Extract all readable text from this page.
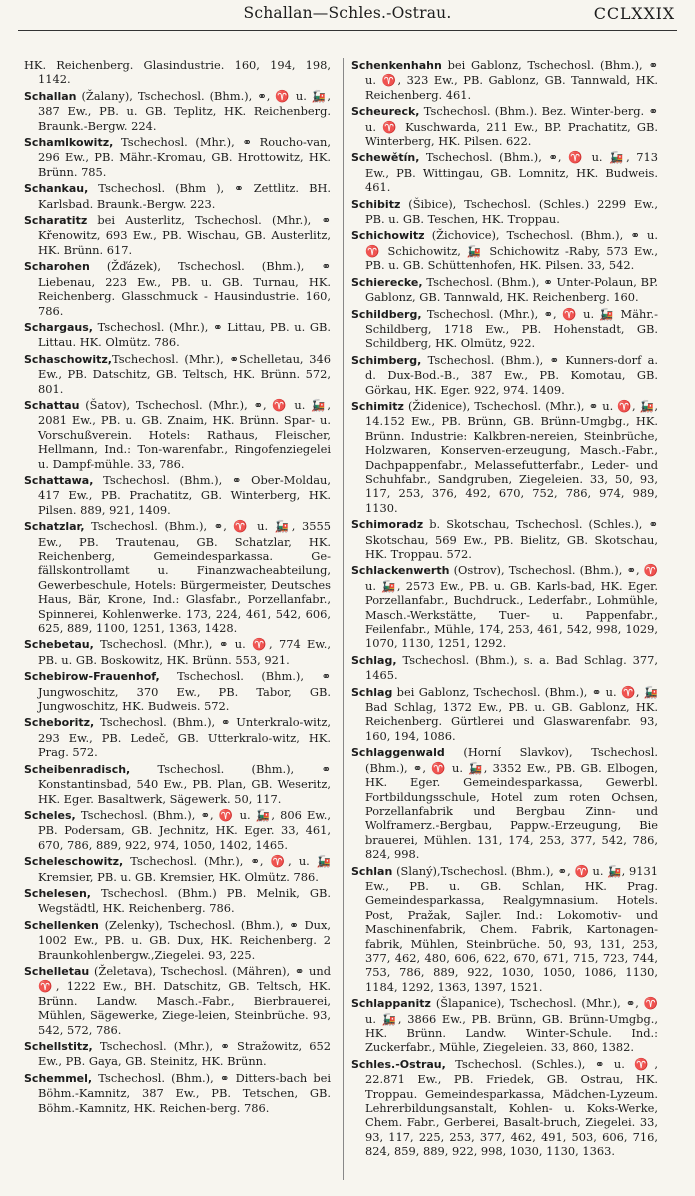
Schallan—Schles.-Ostrau.	CCLXXIX

HK. Reichenberg. Glasindustrie. 160, 194, 198, 1142.

Schallan (Žalany), Tschechosl. (Bhm.), ⚭, ♈ u. 🚂, 387 Ew., PB. u. GB. Teplitz, HK. Reichenberg. Braunk.-Bergw. 224.

Schamlkowitz, Tschechosl. (Mhr.), ⚭ Roucho-van, 296 Ew., PB. Mähr.-Kromau, GB. Hrottowitz, HK. Brünn. 785.

Schankau, Tschechosl. (Bhm ), ⚭ Zettlitz. BH. Karlsbad. Braunk.-Bergw. 223.

Scharatitz bei Austerlitz, Tschechosl. (Mhr.), ⚭ Křenowitz, 693 Ew., PB. Wischau, GB. Austerlitz, HK. Brünn. 617.

Scharohen (Žďázek), Tschechosl. (Bhm.), ⚭ Liebenau, 223 Ew., PB. u. GB. Turnau, HK. Reichenberg. Glasschmuck - Hausindustrie. 160, 786.

Schargaus, Tschechosl. (Mhr.), ⚭ Littau, PB. u. GB. Littau. HK. Olmütz. 786.

Schaschowitz,Tschechosl. (Mhr.), ⚭Schelletau, 346 Ew., PB. Datschitz, GB. Teltsch, HK. Brünn. 572, 801.

Schattau (Šatov), Tschechosl. (Mhr.), ⚭, ♈ u. 🚂, 2081 Ew., PB. u. GB. Znaim, HK. Brünn. Spar- u. Vorschußverein. Hotels: Rathaus, Fleischer, Hellmann, Ind.: Ton-warenfabr., Ringofenziegelei u. Dampf-mühle. 33, 786.

Schattawa, Tschechosl. (Bhm.), ⚭ Ober-Moldau, 417 Ew., PB. Prachatitz, GB. Winterberg, HK. Pilsen. 889, 921, 1409.

Schatzlar, Tschechosl. (Bhm.), ⚭, ♈ u. 🚂, 3555 Ew., PB. Trautenau, GB. Schatzlar, HK. Reichenberg, Gemeindesparkassa. Ge-fällskontrollamt u. Finanzwacheabteilung, Gewerbeschule, Hotels: Bürgermeister, Deutsches Haus, Bär, Krone, Ind.: Glasfabr., Porzellanfabr., Spinnerei, Kohlenwerke. 173, 224, 461, 542, 606, 625, 889, 1100, 1251, 1363, 1428.

Schebetau, Tschechosl. (Mhr.), ⚭ u. ♈, 774 Ew., PB. u. GB. Boskowitz, HK. Brünn. 553, 921.

Schebirow-Frauenhof, Tschechosl. (Bhm.), ⚭ Jungwoschitz, 370 Ew., PB. Tabor, GB. Jungwoschitz, HK. Budweis. 572.

Scheboritz, Tschechosl. (Bhm.), ⚭ Unterkralo-witz, 293 Ew., PB. Ledeč, GB. Utterkralo-witz, HK. Prag. 572.

Scheibenradisch, Tschechosl. (Bhm.), ⚭ Konstantinsbad, 540 Ew., PB. Plan, GB. Weseritz, HK. Eger. Basaltwerk, Sägewerk. 50, 117.

Scheles, Tschechosl. (Bhm.), ⚭, ♈ u. 🚂, 806 Ew., PB. Podersam, GB. Jechnitz, HK. Eger. 33, 461, 670, 786, 889, 922, 974, 1050, 1402, 1465.

Scheleschowitz, Tschechosl. (Mhr.), ⚭, ♈, u. 🚂 Kremsier, PB. u. GB. Kremsier, HK. Olmütz. 786.

Schelesen, Tschechosl. (Bhm.) PB. Melnik, GB. Wegstädtl, HK. Reichenberg. 786.

Schellenken (Zelenky), Tschechosl. (Bhm.), ⚭ Dux, 1002 Ew., PB. u. GB. Dux, HK. Reichenberg. 2 Braunkohlenbergw.,Ziegelei. 93, 225.

Schelletau (Želetava), Tschechosl. (Mähren), ⚭ und ♈, 1222 Ew., BH. Datschitz, GB. Teltsch, HK. Brünn. Landw. Masch.-Fabr., Bierbrauerei, Mühlen, Sägewerke, Ziege-leien, Steinbrüche. 93, 542, 572, 786.

Schellstitz, Tschechosl. (Mhr.), ⚭ Stražowitz, 652 Ew., PB. Gaya, GB. Steinitz, HK. Brünn.

Schemmel, Tschechosl. (Bhm.), ⚭ Ditters-bach bei Böhm.-Kamnitz, 387 Ew., PB. Tetschen, GB. Böhm.-Kamnitz, HK. Reichen-berg. 786.

Schenkenhahn bei Gablonz, Tschechosl. (Bhm.), ⚭ u. ♈, 323 Ew., PB. Gablonz, GB. Tannwald, HK. Reichenberg. 461.

Scheureck, Tschechosl. (Bhm.). Bez. Winter-berg. ⚭ u. ♈ Kuschwarda, 211 Ew., BP. Prachatitz, GB. Winterberg, HK. Pilsen. 622.

Schewětín, Tschechosl. (Bhm.), ⚭, ♈ u. 🚂, 713 Ew., PB. Wittingau, GB. Lomnitz, HK. Budweis. 461.

Schibitz (Šibice), Tschechosl. (Schles.) 2299 Ew., PB. u. GB. Teschen, HK. Troppau.

Schichowitz (Žichovice), Tschechosl. (Bhm.), ⚭ u. ♈ Schichowitz, 🚂 Schichowitz -Raby, 573 Ew., PB. u. GB. Schüttenhofen, HK. Pilsen. 33, 542.

Schierecke, Tschechosl. (Bhm.), ⚭ Unter-Polaun, BP. Gablonz, GB. Tannwald, HK. Reichenberg. 160.

Schildberg, Tschechosl. (Mhr.), ⚭, ♈ u. 🚂 Mähr.-Schildberg, 1718 Ew., PB. Hohenstadt, GB. Schildberg, HK. Olmütz, 922.

Schimberg, Tschechosl. (Bhm.), ⚭ Kunners-dorf a. d. Dux-Bod.-B., 387 Ew., PB. Komotau, GB. Görkau, HK. Eger. 922, 974. 1409.

Schimitz (Židenice), Tschechosl. (Mhr.), ⚭ u. ♈, 🚂, 14.152 Ew., PB. Brünn, GB. Brünn-Umgbg., HK. Brünn. Industrie: Kalkbren-nereien, Steinbrüche, Holzwaren, Konserven-erzeugung, Masch.-Fabr., Dachpappenfabr., Melassefutterfabr., Leder- und Schuhfabr., Sandgruben, Ziegeleien. 33, 50, 93, 117, 253, 376, 492, 670, 752, 786, 974, 989, 1130.

Schimoradz b. Skotschau, Tschechosl. (Schles.), ⚭ Skotschau, 569 Ew., PB. Bielitz, GB. Skotschau, HK. Troppau. 572.

Schlackenwerth (Ostrov), Tschechosl. (Bhm.), ⚭, ♈ u. 🚂, 2573 Ew., PB. u. GB. Karls-bad, HK. Eger. Porzellanfabr., Buchdruck., Lederfabr., Lohmühle, Masch.-Werkstätte, Tuer- u. Pappenfabr., Feilenfabr., Mühle, 174, 253, 461, 542, 998, 1029, 1070, 1130, 1251, 1292.

Schlag, Tschechosl. (Bhm.), s. a. Bad Schlag. 377, 1465.

Schlag bei Gablonz, Tschechosl. (Bhm.), ⚭ u. ♈, 🚂 Bad Schlag, 1372 Ew., PB. u. GB. Gablonz, HK. Reichenberg. Gürtlerei und Glaswarenfabr. 93, 160, 194, 1086.

Schlaggenwald (Horní Slavkov), Tschechosl. (Bhm.), ⚭, ♈ u. 🚂, 3352 Ew., PB. GB. Elbogen, HK. Eger. Gemeindesparkassa, Gewerbl. Fortbildungsschule, Hotel zum roten Ochsen, Porzellanfabrik und Bergbau Zinn- und Wolframerz.-Bergbau, Pappw.-Erzeugung, Bie brauerei, Mühlen. 131, 174, 253, 377, 542, 786, 824, 998.

Schlan (Slaný),Tschechosl. (Bhm.), ⚭, ♈ u. 🚂, 9131 Ew., PB. u. GB. Schlan, HK. Prag. Gemeindesparkassa, Realgymnasium. Hotels. Post, Pražak, Sajler. Ind.: Lokomotiv- und Maschinenfabrik, Chem. Fabrik, Kartonagen-fabrik, Mühlen, Steinbrüche. 50, 93, 131, 253, 377, 462, 480, 606, 622, 670, 671, 715, 723, 744, 753, 786, 889, 922, 1030, 1050, 1086, 1130, 1184, 1292, 1363, 1397, 1521.

Schlappanitz (Šlapanice), Tschechosl. (Mhr.), ⚭, ♈ u. 🚂, 3866 Ew., PB. Brünn, GB. Brünn-Umgbg., HK. Brünn. Landw. Winter-Schule. Ind.: Zuckerfabr., Mühle, Ziegeleien. 33, 860, 1382.

Schles.-Ostrau, Tschechosl. (Schles.), ⚭ u. ♈, 22.871 Ew., PB. Friedek, GB. Ostrau, HK. Troppau. Gemeindesparkassa, Mädchen-Lyzeum. Lehrerbildungsanstalt, Kohlen- u. Koks-Werke, Chem. Fabr., Gerberei, Basalt-bruch, Ziegelei. 33, 93, 117, 225, 253, 377, 462, 491, 503, 606, 716, 824, 859, 889, 922, 998, 1030, 1130, 1363.
